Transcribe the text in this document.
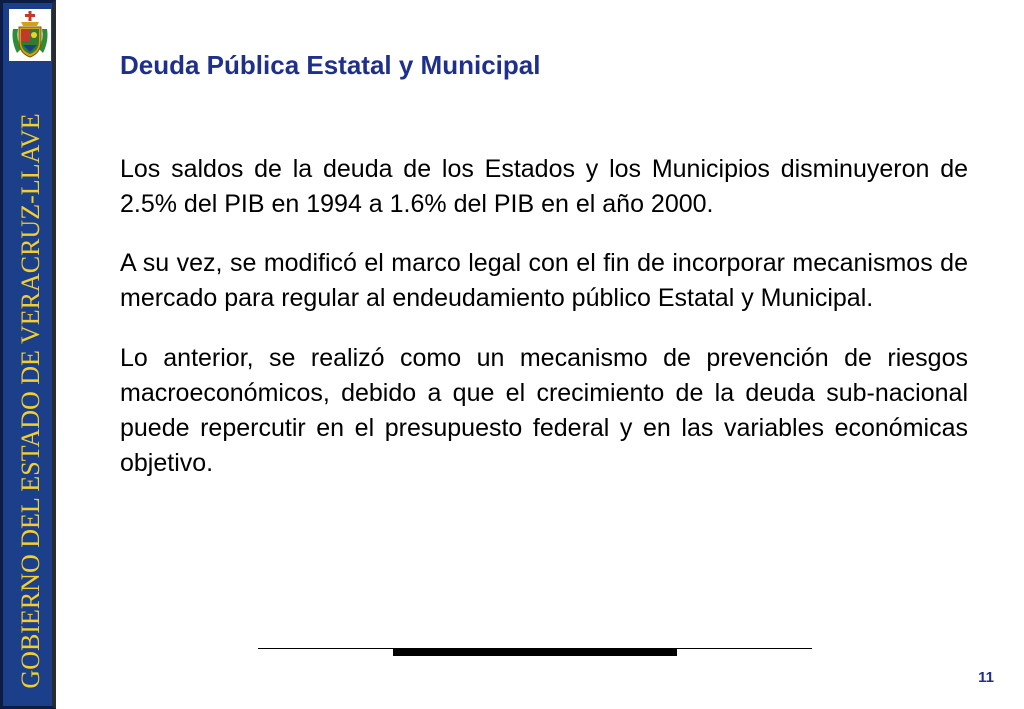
GOBIERNO DEL ESTADO DE VERACRUZ-LLAVE
Deuda Pública Estatal y Municipal

Los saldos de la deuda de los Estados y los Municipios disminuyeron de 2.5% del PIB en 1994 a 1.6% del PIB en el año 2000.

A su vez, se modificó el marco legal con el fin de incorporar mecanismos de mercado para regular al endeudamiento público Estatal y Municipal.

Lo anterior, se realizó como un mecanismo de prevención de riesgos macroeconómicos, debido a que el crecimiento de la deuda sub-nacional puede repercutir en el presupuesto federal y en las variables económicas objetivo.

11
